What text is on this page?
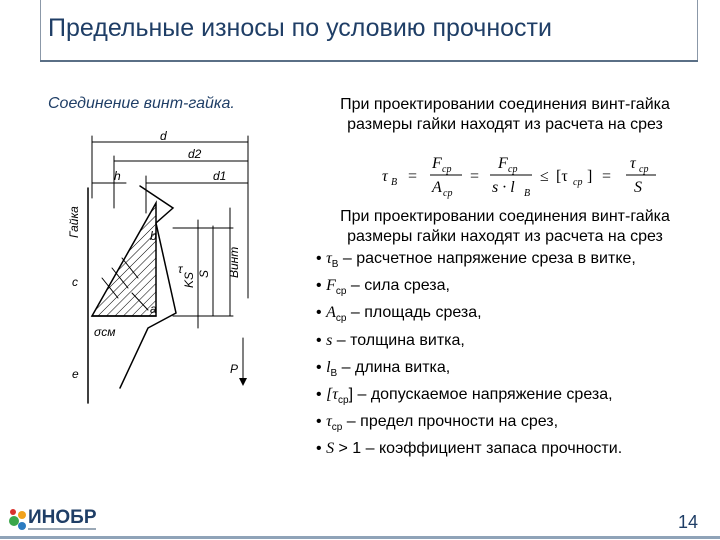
Предельные износы по условию прочности
Соединение винт-гайка.	При проектировании соединения винт-гайка
размеры гайки находят из расчета на срез
τ В =
F ср
A ср
=
F ср
s · l В
≤ [τ ср ] =
τ ср
S
При проектировании соединения винт-гайка
размеры гайки находят из расчета на срез
• $\tau_В$ – расчетное напряжение среза в витке,
• $F_{ср}$ – сила среза,
• $A_{ср}$ – площадь среза,
• s – толщина витка,
• $l_В$ – длина витка,
• $[\tau_{ср}]$ – допускаемое напряжение среза,
• $\tau_{ср}$ – предел прочности на срез,
• S > 1 – коэффициент запаса прочности.
d
d2
d1
h
S
KS
Винт
Гайка
τ
c
e
b
a
σсм
P
ИНОБР	14
